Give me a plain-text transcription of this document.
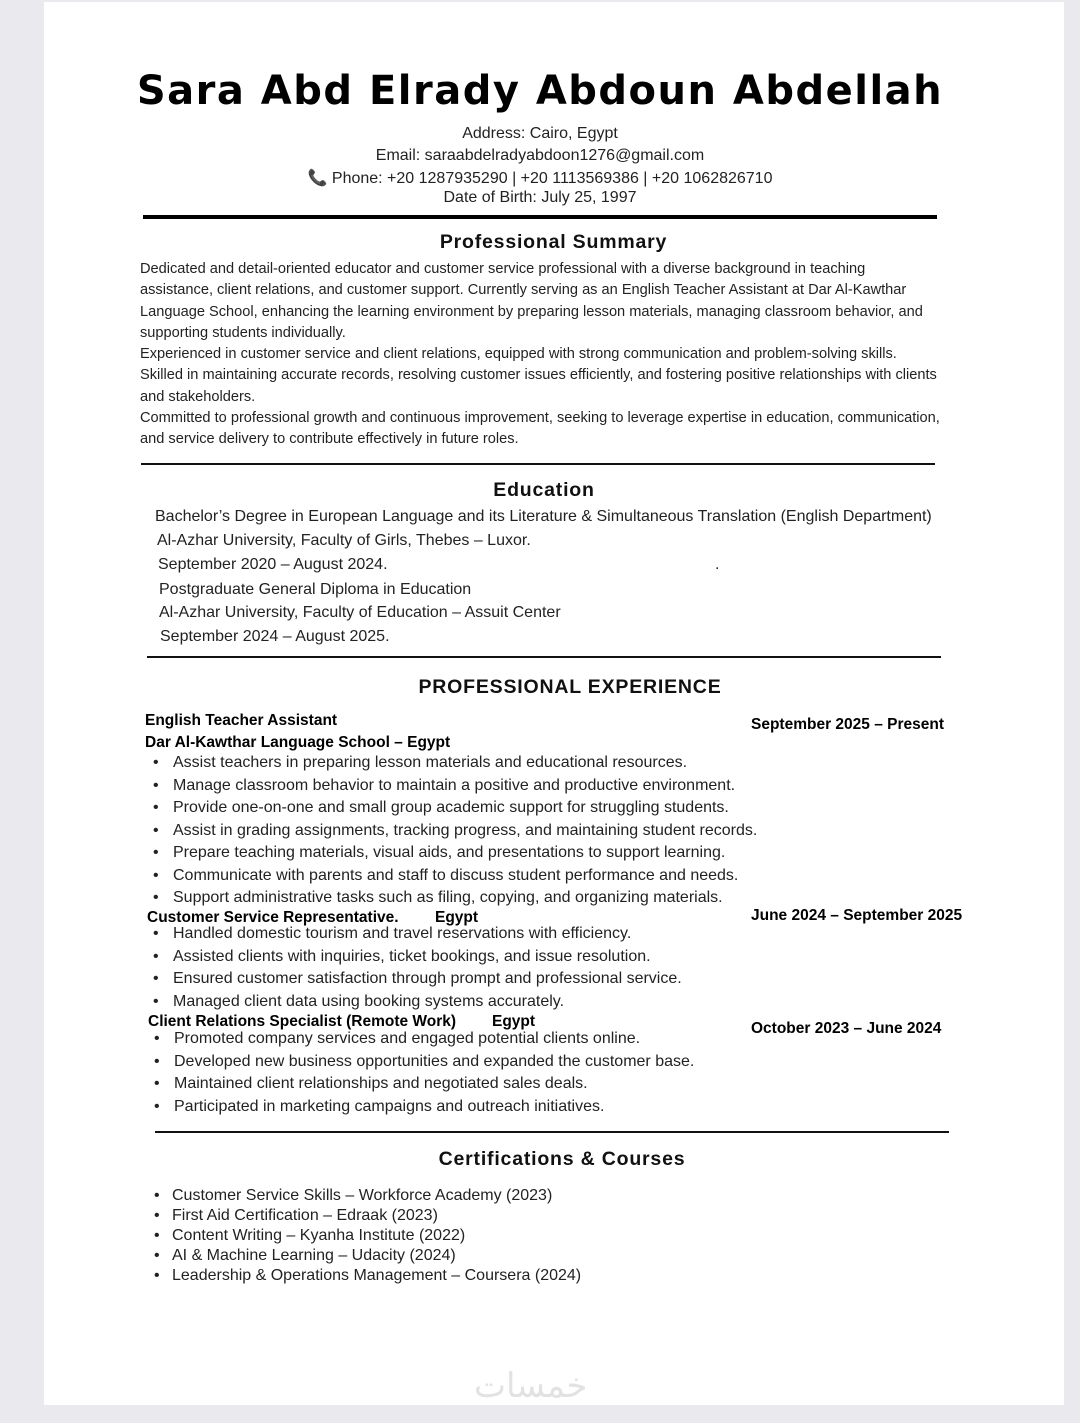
Sara Abd Elrady Abdoun Abdellah
Address: Cairo, Egypt
Email: saraabdelradyabdoon1276@gmail.com
📞 Phone: +20 1287935290 | +20 1113569386 | +20 1062826710
Date of Birth: July 25, 1997
Professional Summary

Dedicated and detail-oriented educator and customer service professional with a diverse background in teaching assistance, client relations, and customer support. Currently serving as an English Teacher Assistant at Dar Al-Kawthar Language School, enhancing the learning environment by preparing lesson materials, managing classroom behavior, and supporting students individually.

Experienced in customer service and client relations, equipped with strong communication and problem-solving skills. Skilled in maintaining accurate records, resolving customer issues efficiently, and fostering positive relationships with clients and stakeholders.

Committed to professional growth and continuous improvement, seeking to leverage expertise in education, communication, and service delivery to contribute effectively in future roles.

Education
Bachelor’s Degree in European Language and its Literature & Simultaneous Translation (English Department)
Al-Azhar University, Faculty of Girls, Thebes – Luxor.
September 2020 – August 2024.	.
Postgraduate General Diploma in Education
Al-Azhar University, Faculty of Education – Assuit Center
September 2024 – August 2025.
PROFESSIONAL EXPERIENCE
English Teacher Assistant
Dar Al-Kawthar Language School – Egypt
September 2025 – Present
• Assist teachers in preparing lesson materials and educational resources.
• Manage classroom behavior to maintain a positive and productive environment.
• Provide one-on-one and small group academic support for struggling students.
• Assist in grading assignments, tracking progress, and maintaining student records.
• Prepare teaching materials, visual aids, and presentations to support learning.
• Communicate with parents and staff to discuss student performance and needs.
• Support administrative tasks such as filing, copying, and organizing materials.
Customer Service Representative. Egypt	June 2024 – September 2025
• Handled domestic tourism and travel reservations with efficiency.
• Assisted clients with inquiries, ticket bookings, and issue resolution.
• Ensured customer satisfaction through prompt and professional service.
• Managed client data using booking systems accurately.
Client Relations Specialist (Remote Work) Egypt	October 2023 – June 2024
• Promoted company services and engaged potential clients online.
• Developed new business opportunities and expanded the customer base.
• Maintained client relationships and negotiated sales deals.
• Participated in marketing campaigns and outreach initiatives.
Certifications & Courses
• Customer Service Skills – Workforce Academy (2023)
• First Aid Certification – Edraak (2023)
• Content Writing – Kyanha Institute (2022)
• AI & Machine Learning – Udacity (2024)
• Leadership & Operations Management – Coursera (2024)
خمسات
